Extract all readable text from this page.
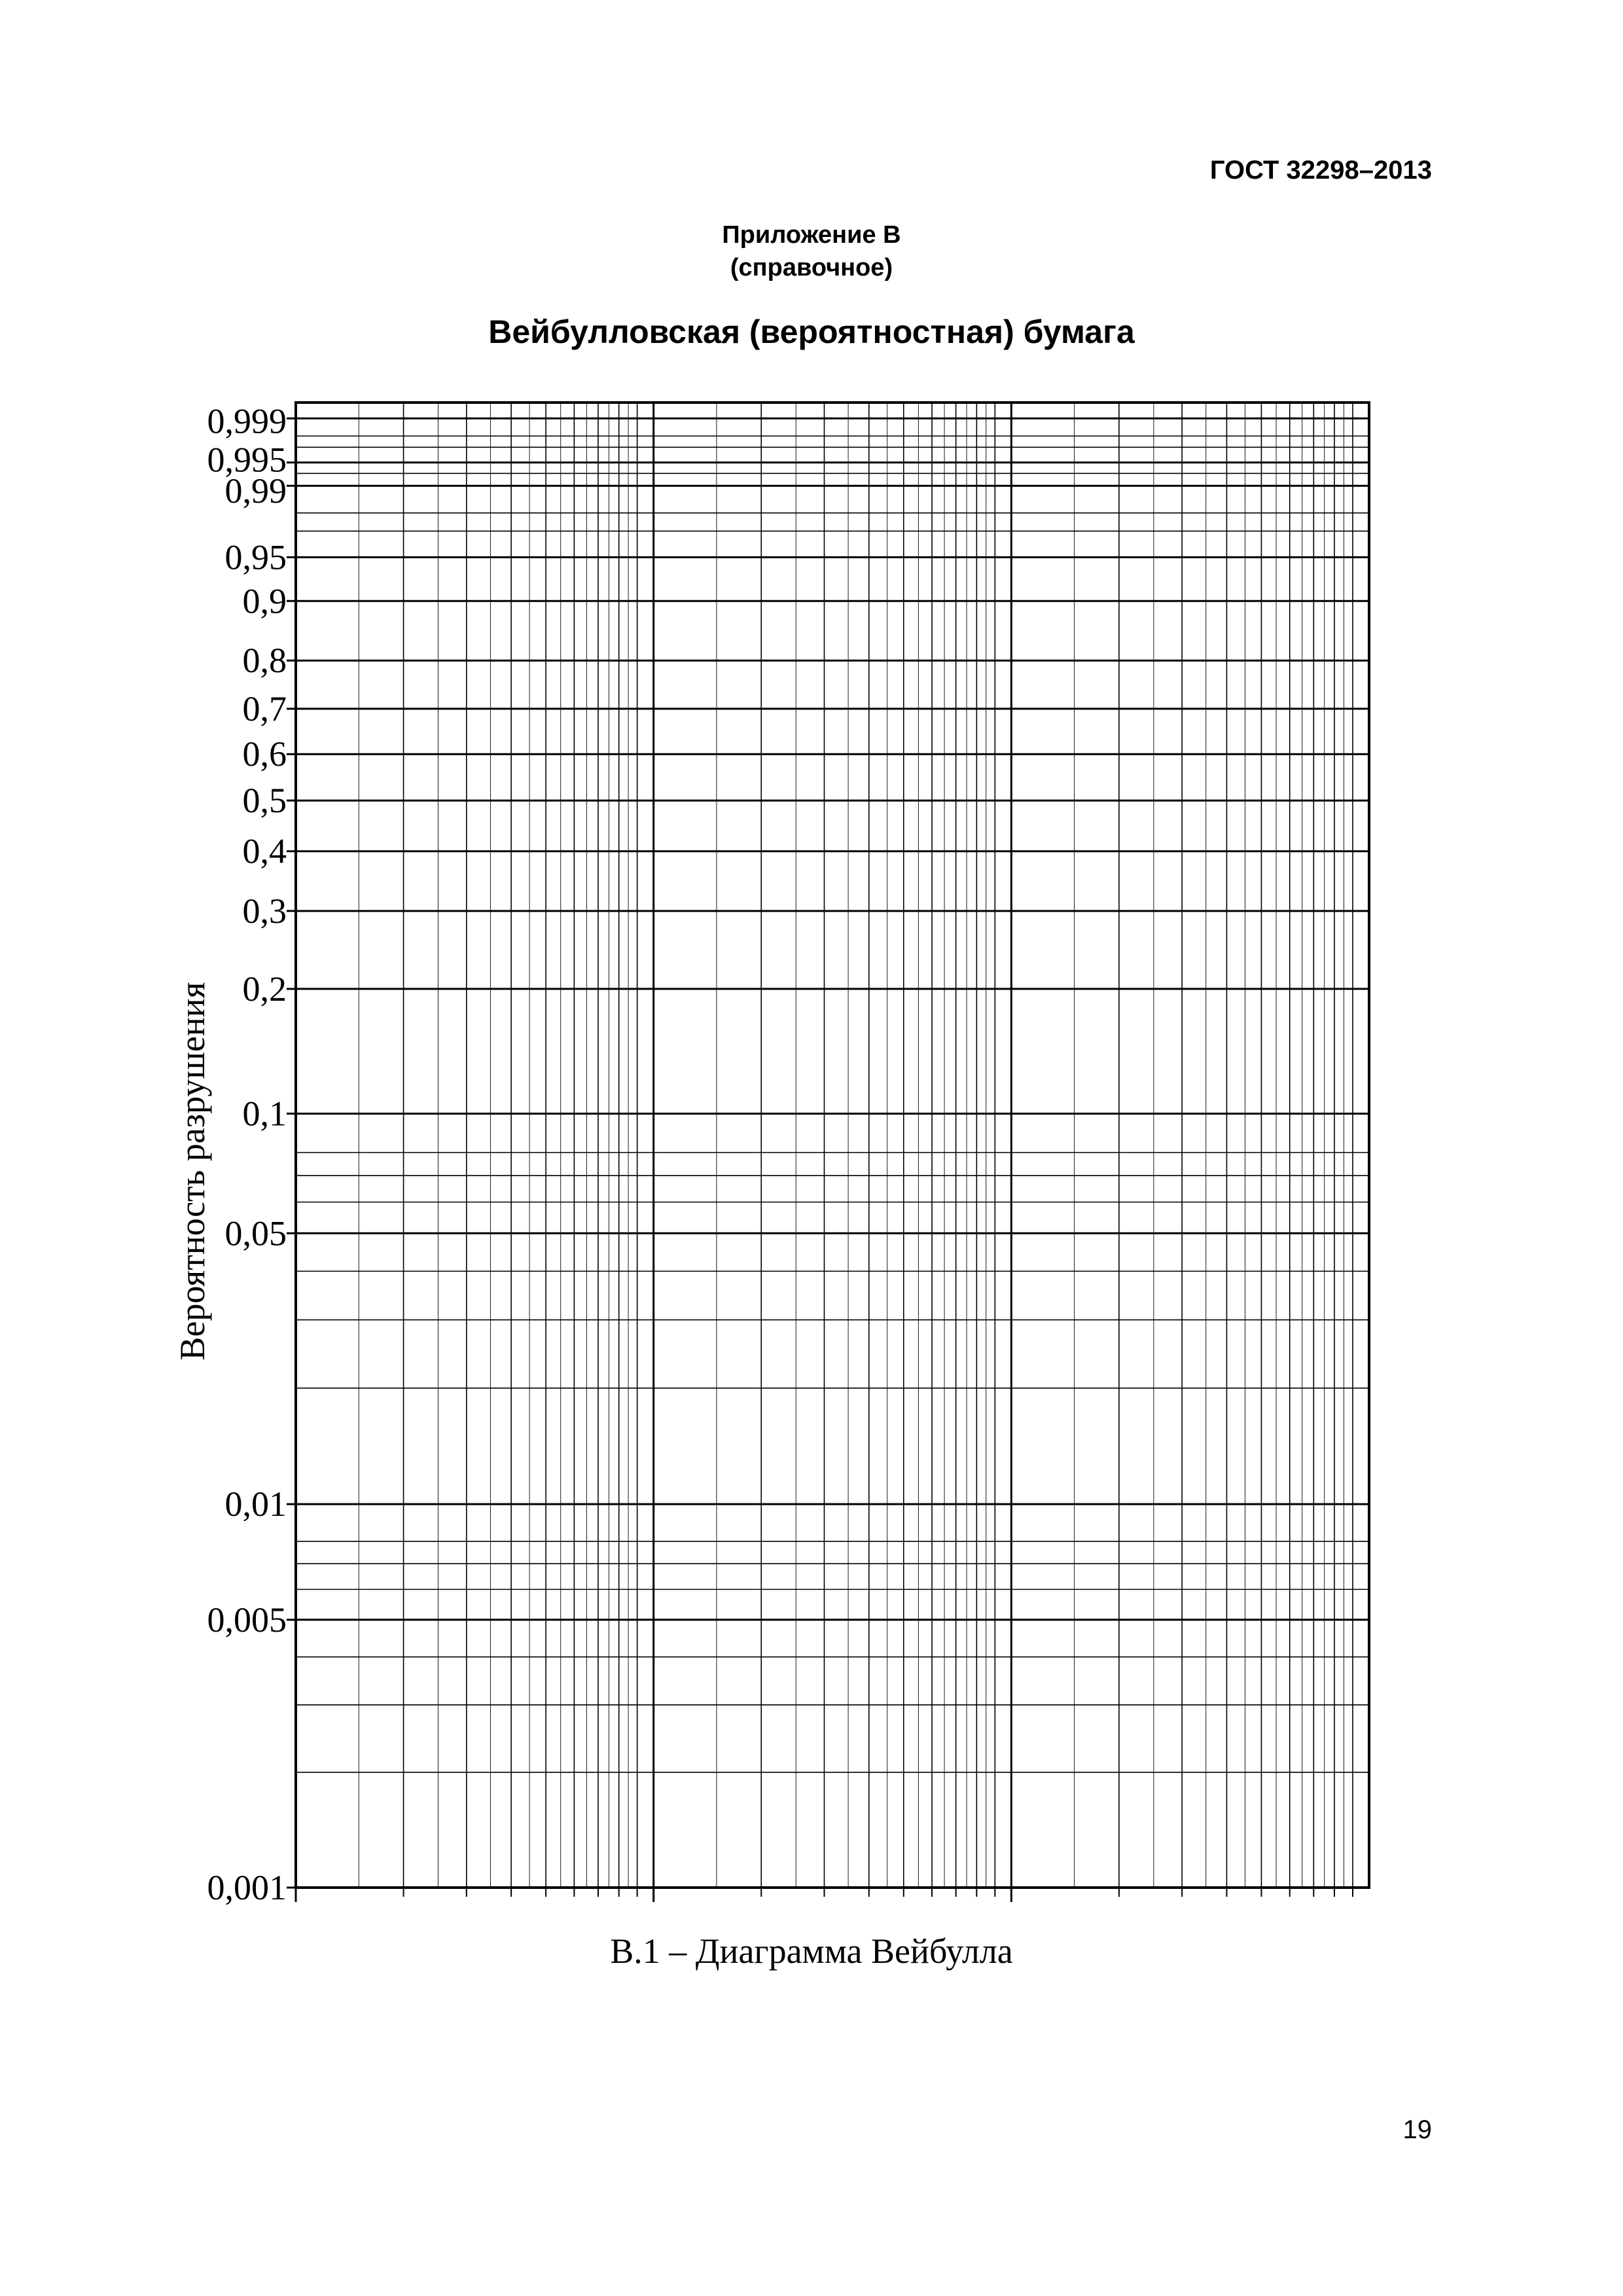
ГОСТ 32298–2013
Приложение В
(справочное)
Вейбулловская (вероятностная) бумага
0,999
0,995
0,99
0,95
0,9
0,8
0,7
0,6
0,5
0,4
0,3
0,2
0,1
0,05
0,01
0,005
0,001
Вероятность разрушения
В.1 – Диаграмма Вейбулла
19
